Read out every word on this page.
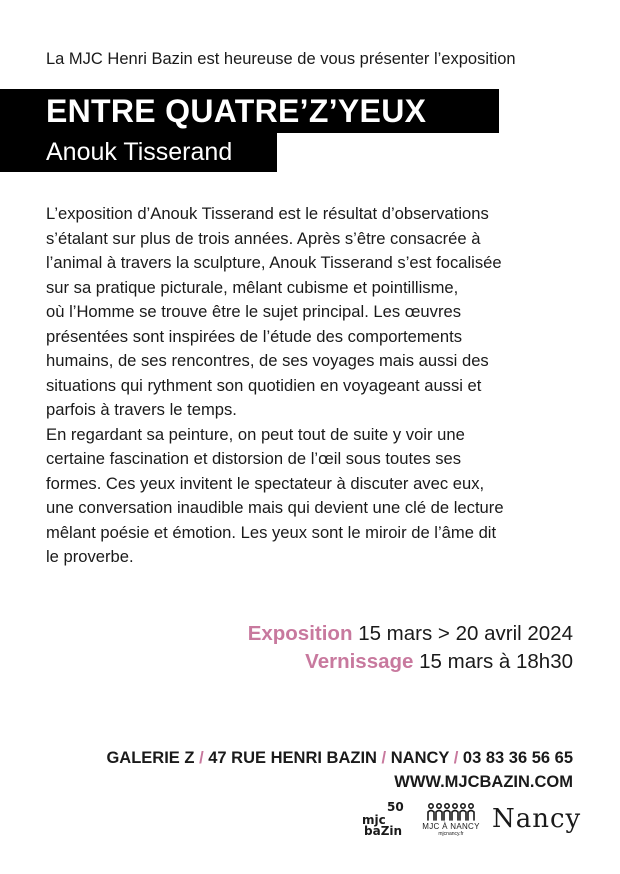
La MJC Henri Bazin est heureuse de vous présenter l’exposition
ENTRE QUATRE’Z’YEUX
Anouk Tisserand
L’exposition d’Anouk Tisserand est le résultat d’observations
s’étalant sur plus de trois années. Après s’être consacrée à
l’animal à travers la sculpture, Anouk Tisserand s’est focalisée
sur sa pratique picturale, mêlant cubisme et pointillisme,
où l’Homme se trouve être le sujet principal. Les œuvres
présentées sont inspirées de l’étude des comportements
humains, de ses rencontres, de ses voyages mais aussi des
situations qui rythment son quotidien en voyageant aussi et
parfois à travers le temps.
En regardant sa peinture, on peut tout de suite y voir une
certaine fascination et distorsion de l’œil sous toutes ses
formes. Ces yeux invitent le spectateur à discuter avec eux,
une conversation inaudible mais qui devient une clé de lecture
mêlant poésie et émotion. Les yeux sont le miroir de l’âme dit
le proverbe.
Exposition 15 mars > 20 avril 2024
Vernissage 15 mars à 18h30
GALERIE Z / 47 RUE HENRI BAZIN / NANCY / 03 83 36 56 65
WWW.MJCBAZIN.COM
50
mjc
baZin	MJC À NANCY
mjcnancy.fr	Nancy
